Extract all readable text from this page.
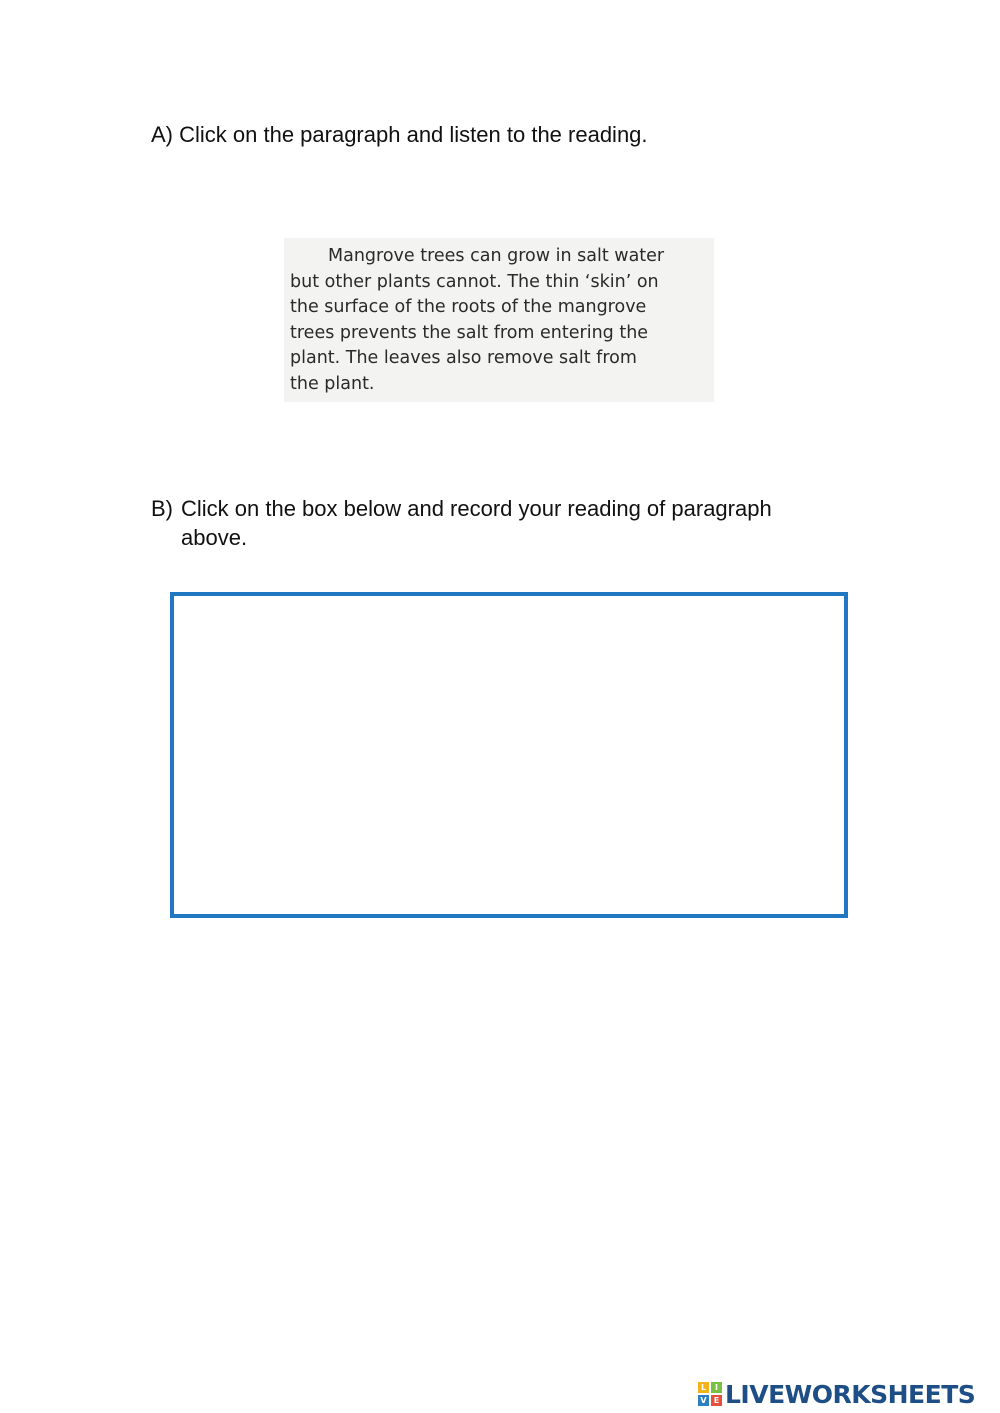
A) Click on the paragraph and listen to the reading.
Mangrove trees can grow in salt water
but other plants cannot. The thin ‘skin’ on
the surface of the roots of the mangrove
trees prevents the salt from entering the
plant. The leaves also remove salt from
the plant.
B) Click on the box below and record your reading of paragraph
above.
L	I
V E LIVEWORKSHEETS
